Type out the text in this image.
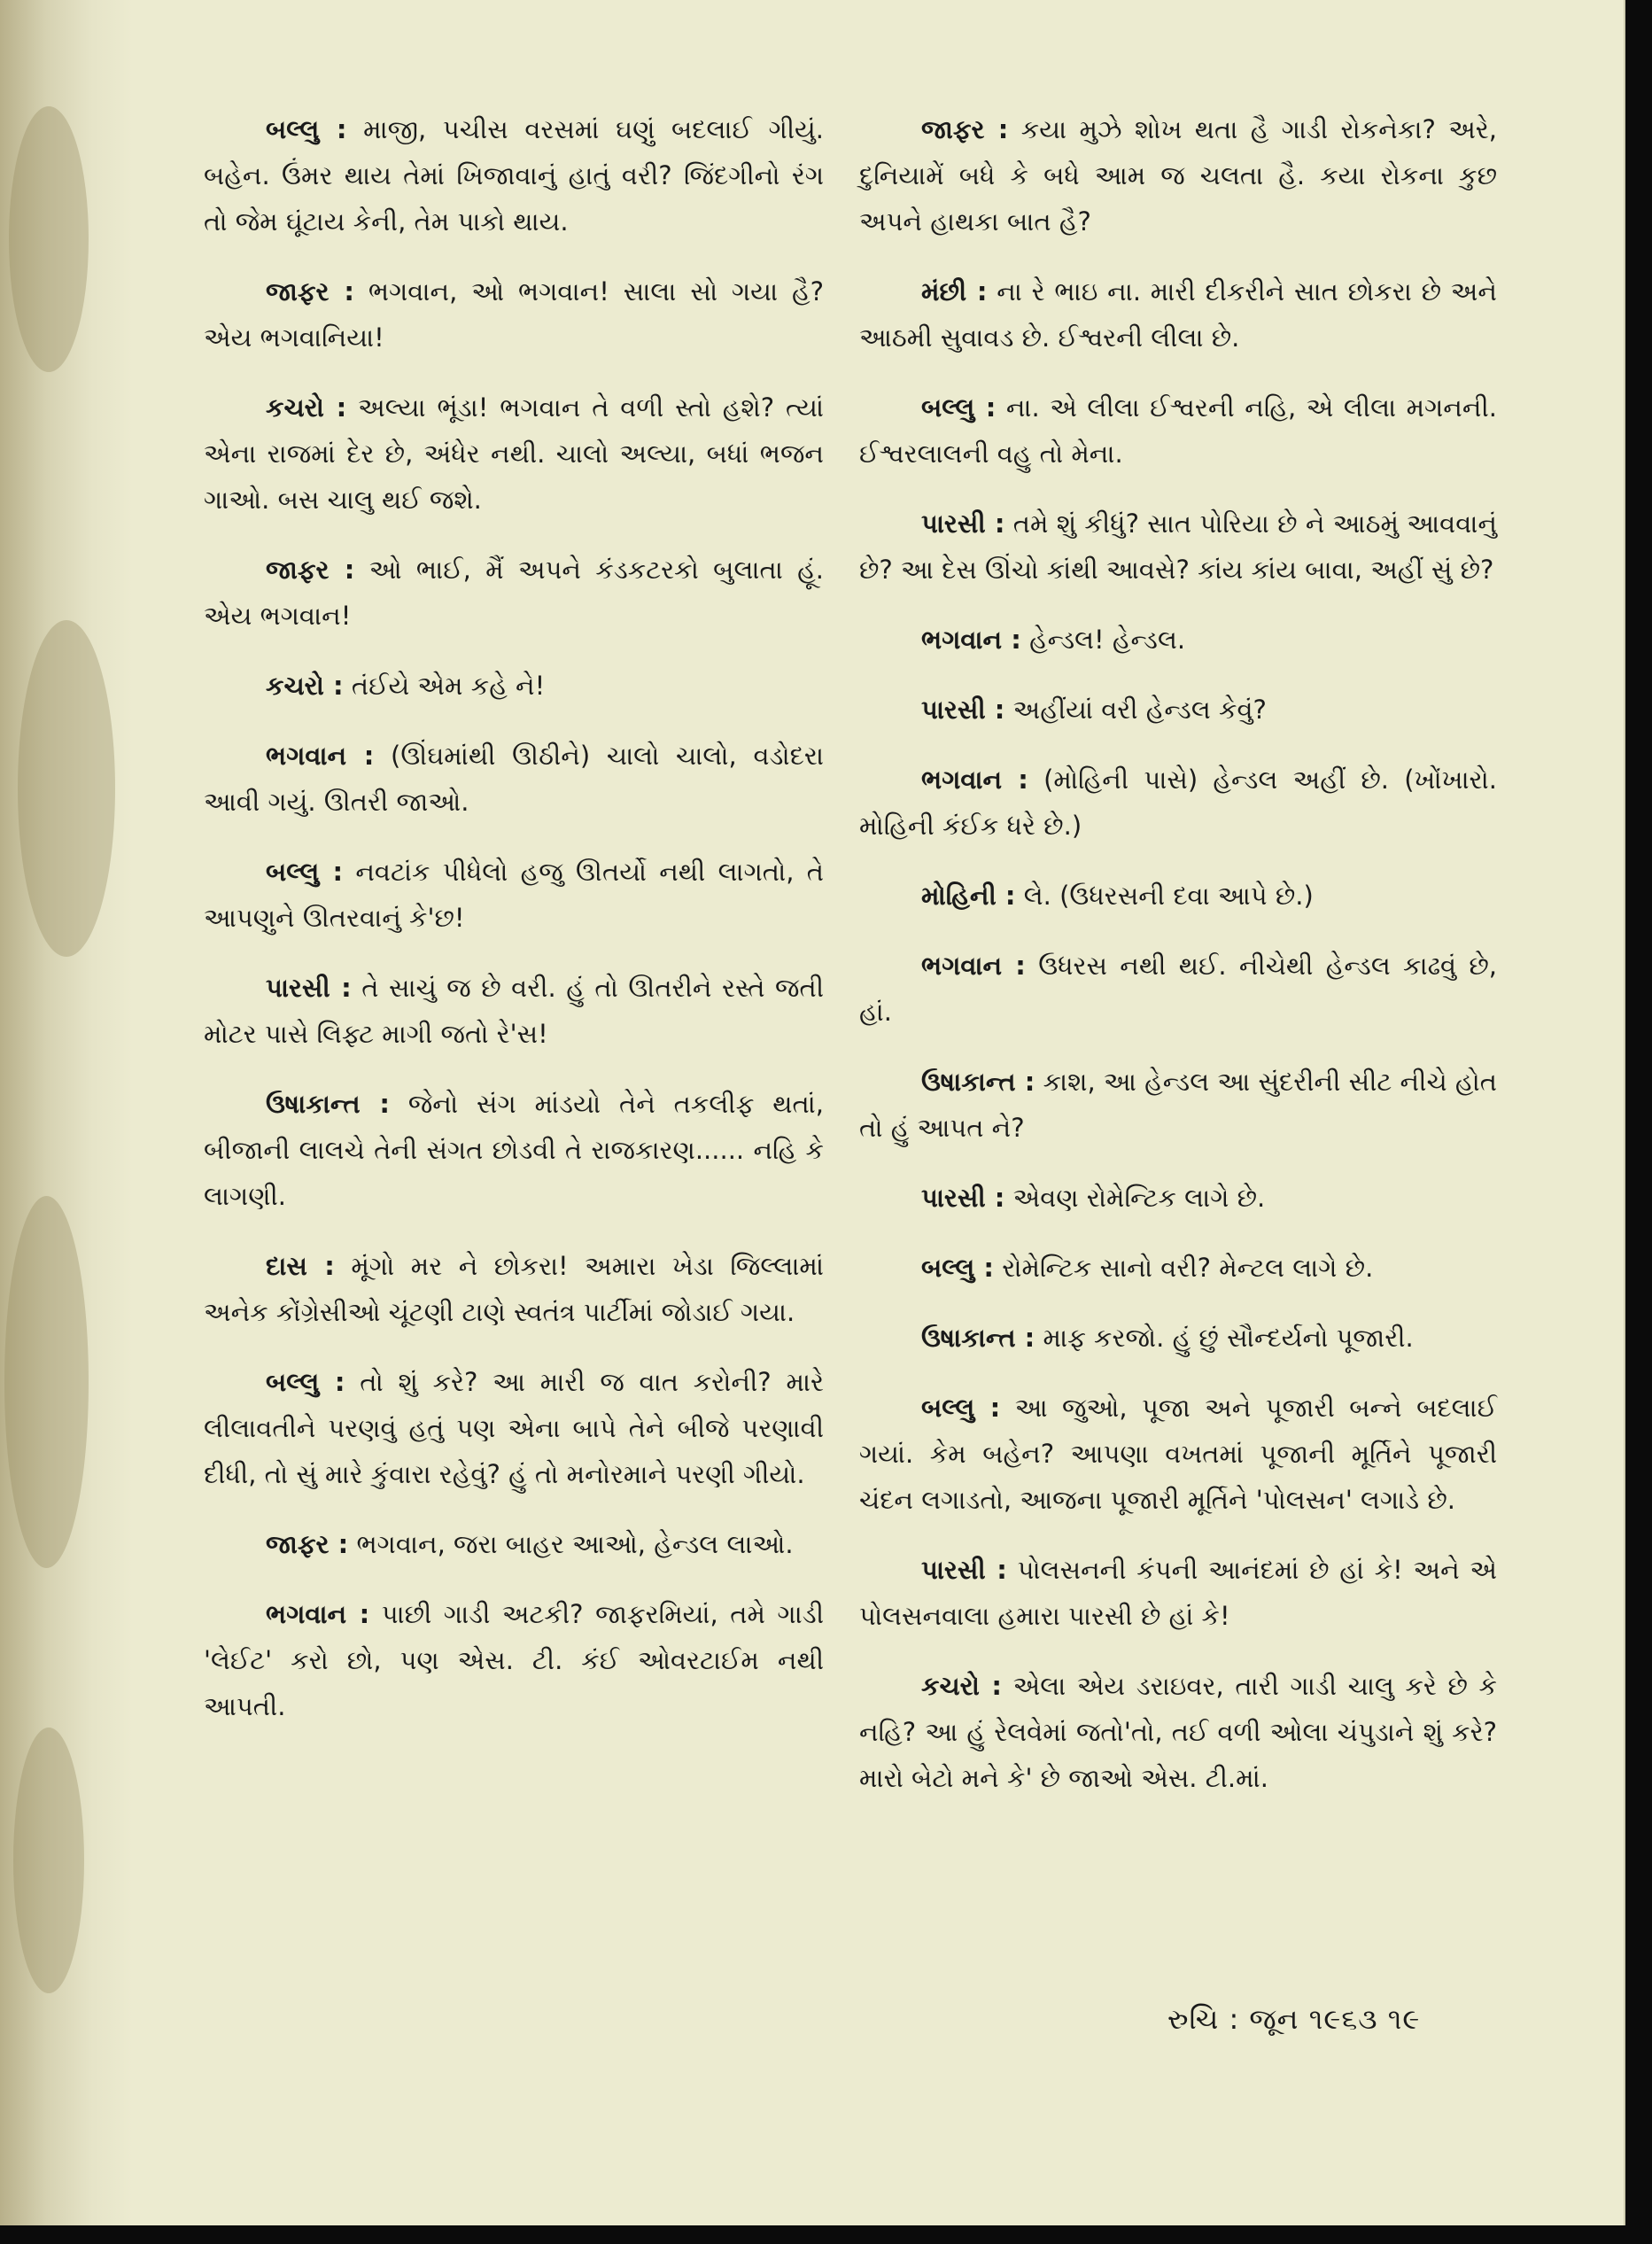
બલ્લુ : માજી, પચીસ વરસમાં ઘણું બદલાઈ ગીયું. બહેન. ઉંમર થાય તેમાં ખિજાવાનું હાતું વરી? જિંદગીનો રંગ તો જેમ ઘૂંટાય કેની, તેમ પાકો થાય.

જાફર : ભગવાન, ઓ ભગવાન! સાલા સો ગયા હૈ? એય ભગવાનિયા!

કચરો : અલ્યા ભૂંડા! ભગવાન તે વળી સ્તો હશે? ત્યાં એના રાજમાં દેર છે, અંધેર નથી. ચાલો અલ્યા, બધાં ભજન ગાઓ. બસ ચાલુ થઈ જશે.

જાફર : ઓ ભાઈ, મૈં અપને કંડકટરકો બુલાતા હૂં. એય ભગવાન!

કચરો : તંઈયે એમ કહે ને!

ભગવાન : (ઊંઘમાંથી ઊઠીને) ચાલો ચાલો, વડોદરા આવી ગયું. ઊતરી જાઓ.

બલ્લુ : નવટાંક પીધેલો હજુ ઊતર્યો નથી લાગતો, તે આપણુને ઊતરવાનું કે'છ!

પારસી : તે સાચું જ છે વરી. હું તો ઊતરીને રસ્તે જતી મોટર પાસે લિફ્ટ માગી જતો રે'સ!

ઉષાકાન્ત : જેનો સંગ માંડયો તેને તકલીફ થતાં, બીજાની લાલચે તેની સંગત છોડવી તે રાજકારણ...... નહિ કે લાગણી.

દાસ : મૂંગો મર ને છોકરા! અમારા ખેડા જિલ્લામાં અનેક કોંગ્રેસીઓ ચૂંટણી ટાણે સ્વતંત્ર પાર્ટીમાં જોડાઈ ગયા.

બલ્લુ : તો શું કરે? આ મારી જ વાત કરોની? મારે લીલાવતીને પરણવું હતું પણ એના બાપે તેને બીજે પરણાવી દીધી, તો સું મારે કુંવારા રહેવું? હું તો મનોરમાને પરણી ગીયો.

જાફર : ભગવાન, જરા બાહર આઓ, હેન્ડલ લાઓ.

ભગવાન : પાછી ગાડી અટકી? જાફરમિયાં, તમે ગાડી 'લેઈટ' કરો છો, પણ એસ. ટી. કંઈ ઓવરટાઈમ નથી આપતી.

જાફર : કયા મુઝે શોખ થતા હૈ ગાડી રોકનેકા? અરે, દુનિયામેં બધે કે બધે આમ જ ચલતા હૈ. કયા રોકના કુછ અપને હાથકા બાત હૈ?

મંછી : ના રે ભાઇ ના. મારી દીકરીને સાત છોકરા છે અને આઠમી સુવાવડ છે. ઈશ્વરની લીલા છે.

બલ્લુ : ના. એ લીલા ઈશ્વરની નહિ, એ લીલા મગનની. ઈશ્વરલાલની વહુ તો મેના.

પારસી : તમે શું કીધું? સાત પોરિયા છે ને આઠમું આવવાનું છે? આ દેસ ઊંચો કાંથી આવસે? કાંય કાંય બાવા, અહીં સું છે?

ભગવાન : હેન્ડલ! હેન્ડલ.

પારસી : અહીંયાં વરી હેન્ડલ કેવું?

ભગવાન : (મોહિની પાસે) હેન્ડલ અહીં છે. (ખોંખારો. મોહિની કંઈક ધરે છે.)

મોહિની : લે. (ઉધરસની દવા આપે છે.)

ભગવાન : ઉધરસ નથી થઈ. નીચેથી હેન્ડલ કાઢવું છે, હાં.

ઉષાકાન્ત : કાશ, આ હેન્ડલ આ સુંદરીની સીટ નીચે હોત તો હું આપત ને?

પારસી : એવણ રોમેન્ટિક લાગે છે.

બલ્લુ : રોમેન્ટિક સાનો વરી? મેન્ટલ લાગે છે.

ઉષાકાન્ત : માફ કરજો. હું છું સૌન્દર્યનો પૂજારી.

બલ્લુ : આ જુઓ, પૂજા અને પૂજારી બન્ને બદલાઈ ગયાં. કેમ બહેન? આપણા વખતમાં પૂજાની મૂર્તિને પૂજારી ચંદન લગાડતો, આજના પૂજારી મૂર્તિને 'પોલસન' લગાડે છે.

પારસી : પોલસનની કંપની આનંદમાં છે હાં કે! અને એ પોલસનવાલા હમારા પારસી છે હાં કે!

કચરો : એલા એય ડરાઇવર, તારી ગાડી ચાલુ કરે છે કે નહિ? આ હું રેલવેમાં જતો'તો, તઈ વળી ઓલા ચંપુડાને શું કરે? મારો બેટો મને કે' છે જાઓ એસ. ટી.માં.

રુચિ : જૂન ૧૯૬૩ ૧૯
